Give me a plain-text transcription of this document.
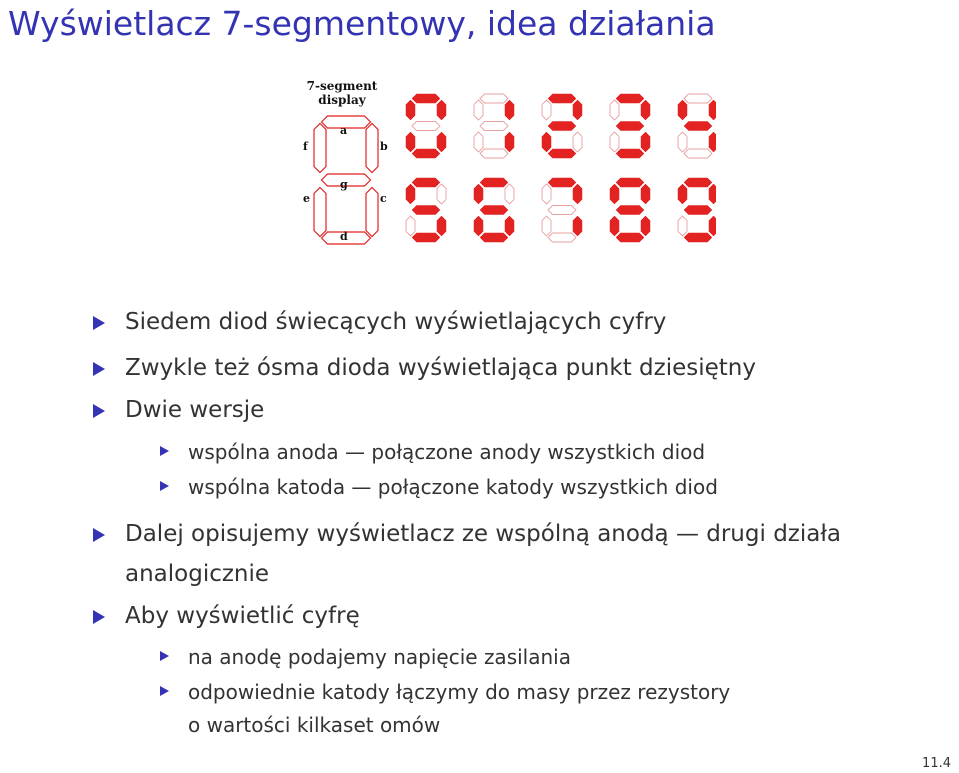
Wyświetlacz 7-segmentowy, idea działania
7-segment
display
a
b
c
d
e
f
g
Siedem diod świecących wyświetlających cyfry
Zwykle też ósma dioda wyświetlająca punkt dziesiętny
Dwie wersje
wspólna anoda — połączone anody wszystkich diod
wspólna katoda — połączone katody wszystkich diod
Dalej opisujemy wyświetlacz ze wspólną anodą — drugi działa
analogicznie
Aby wyświetlić cyfrę
na anodę podajemy napięcie zasilania
odpowiednie katody łączymy do masy przez rezystory
o wartości kilkaset omów
11.4
